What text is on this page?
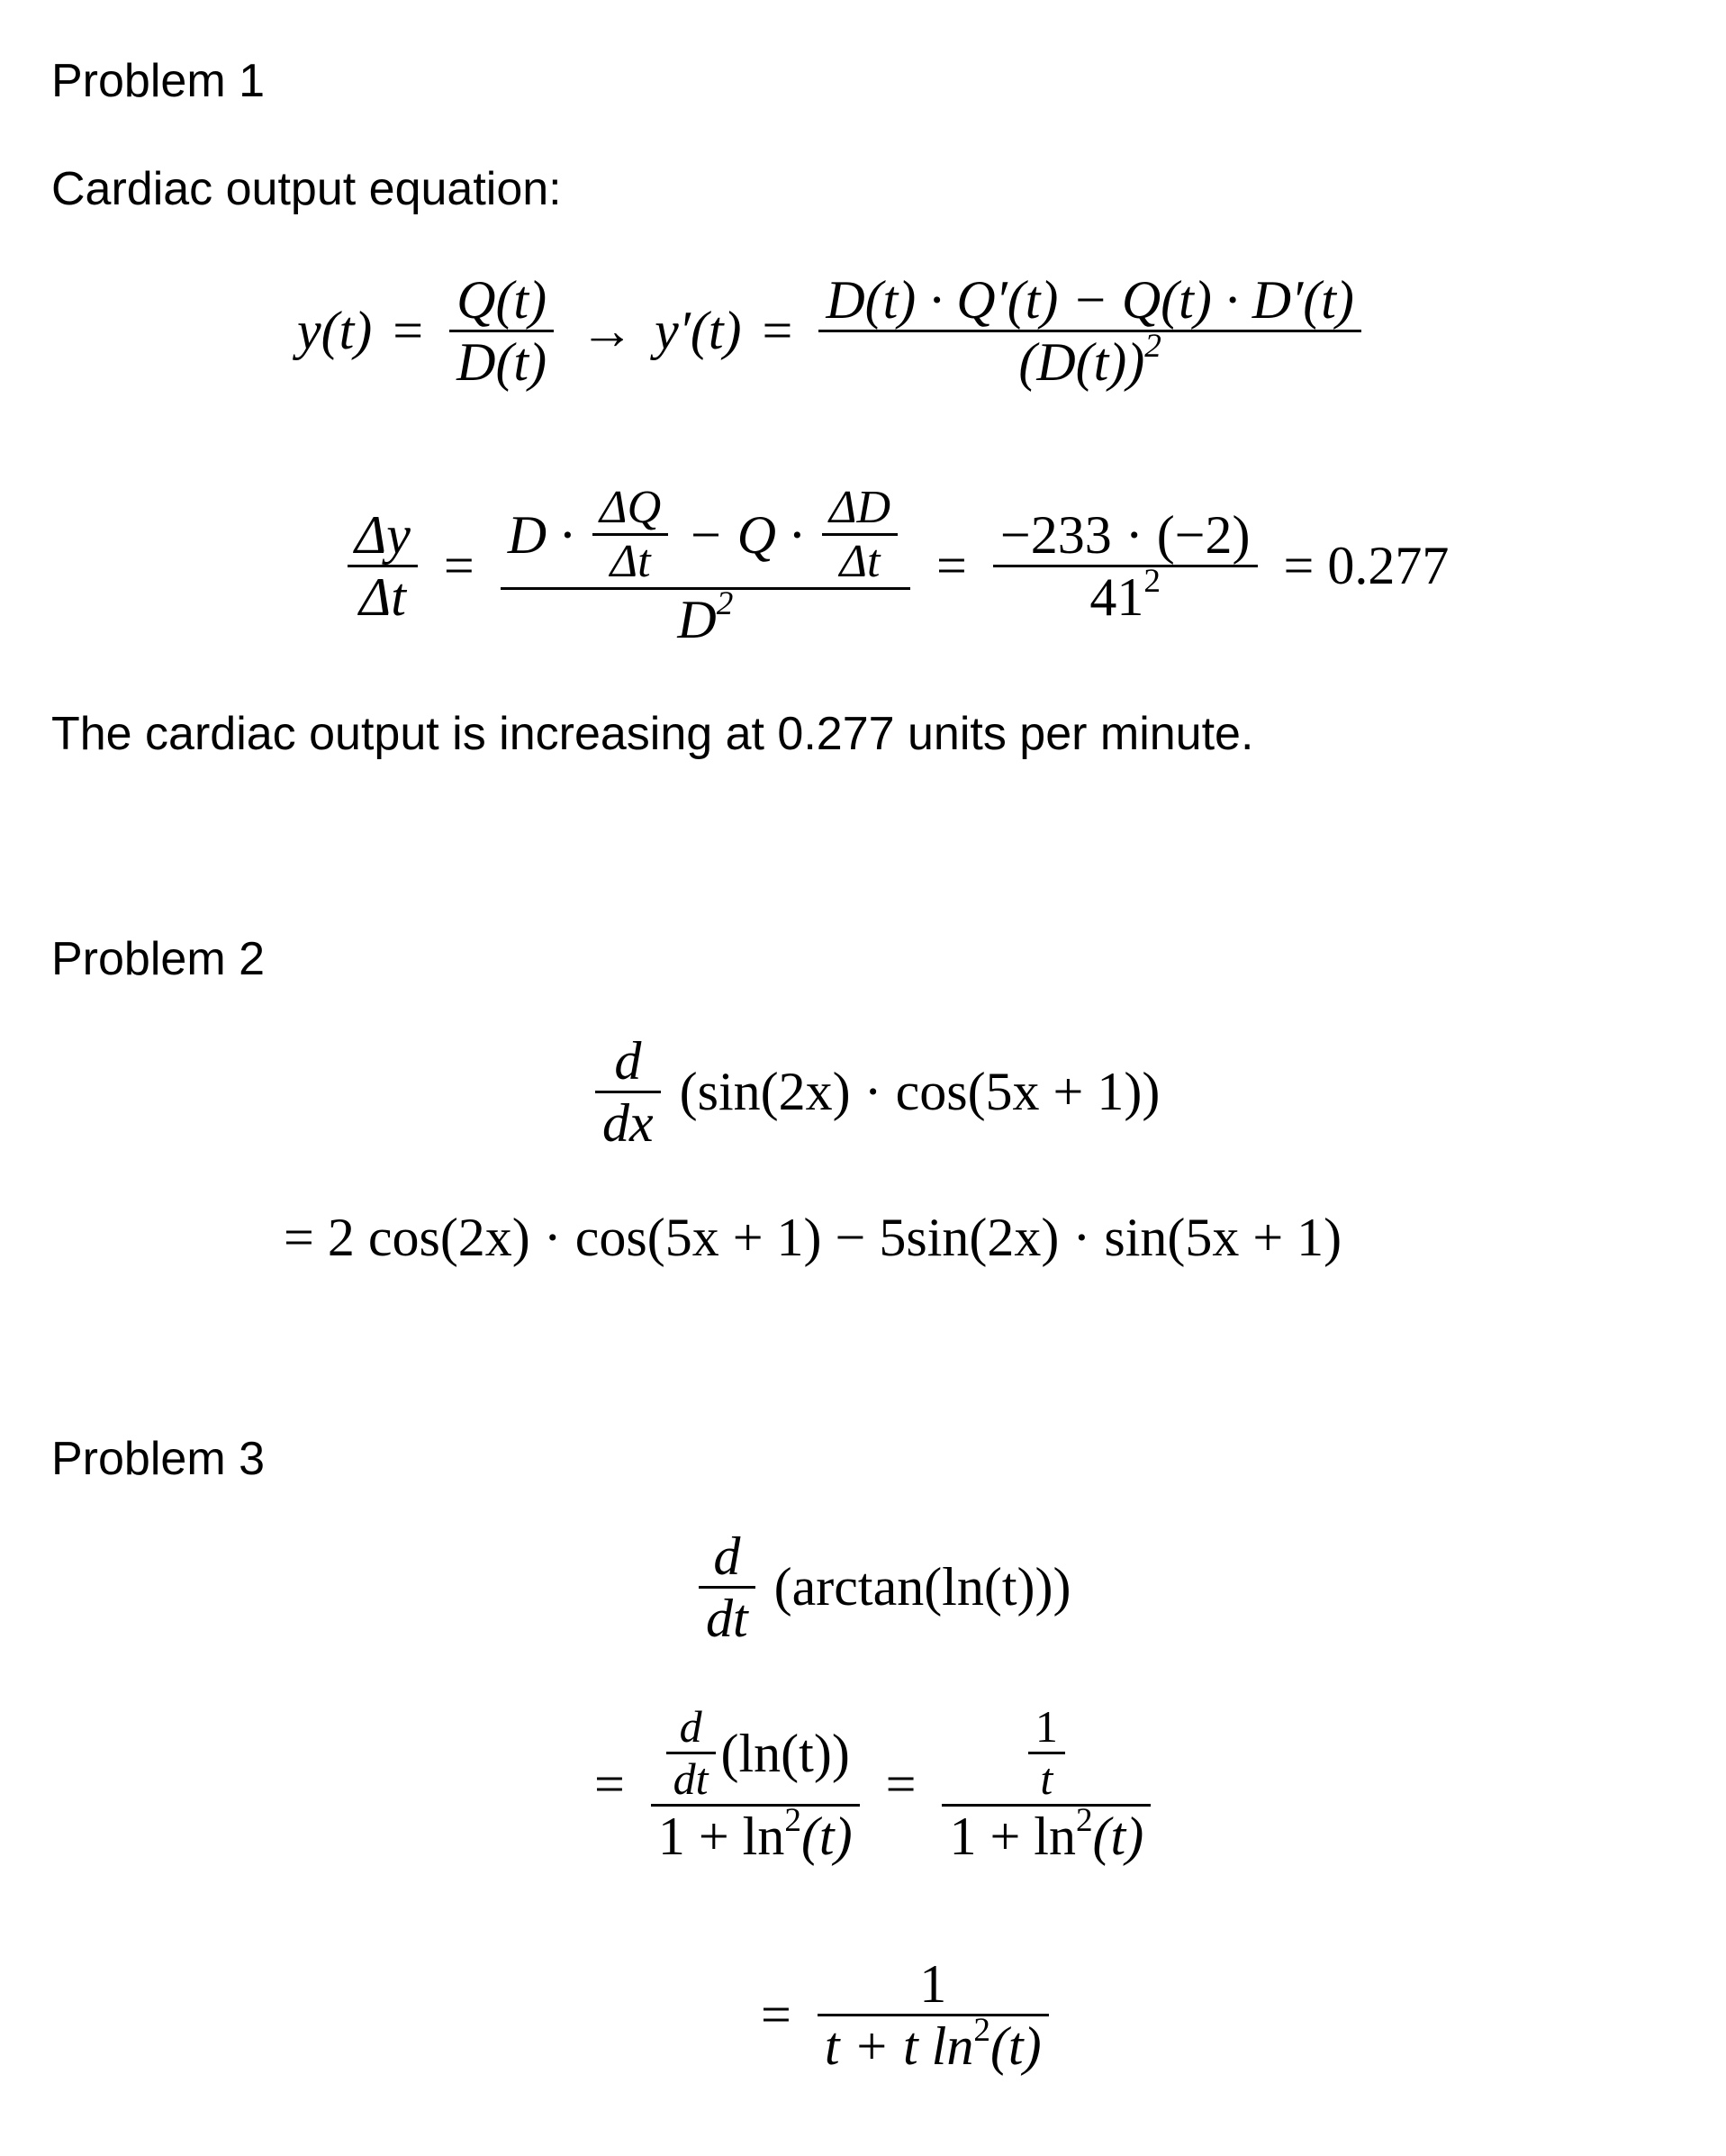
Problem 1
Cardiac output equation:
$y(t) = \frac{Q(t)}{D(t)} \to y'(t) = \frac{D(t) \cdot Q'(t) - Q(t) \cdot D'(t)}{(D(t))^2}$
$\frac{\Delta y}{\Delta t}$ =
$D \cdot \frac{\Delta Q}{\Delta t} - Q \cdot \frac{\Delta D}{\Delta t}$
$D^2$
= $\frac{-233 \cdot (-2)}{41^2} = 0.277$
The cardiac output is increasing at 0.277 units per minute.
Problem 2
$\frac{d}{dx} (\sin(2x) \cdot \cos(5x + 1))$
= 2 cos(2x) · cos(5x + 1) − 5sin(2x) · sin(5x + 1)
Problem 3
$\frac{d}{dt} (\arctan(\ln(t)))$
= $\frac{\frac{d}{dt} (\ln(t))}{1 + \ln^2(t)} = \frac{\frac{1}{t}}{1 + \ln^2(t)}$
= $\frac{1}{t + t \ln^2(t)}$
